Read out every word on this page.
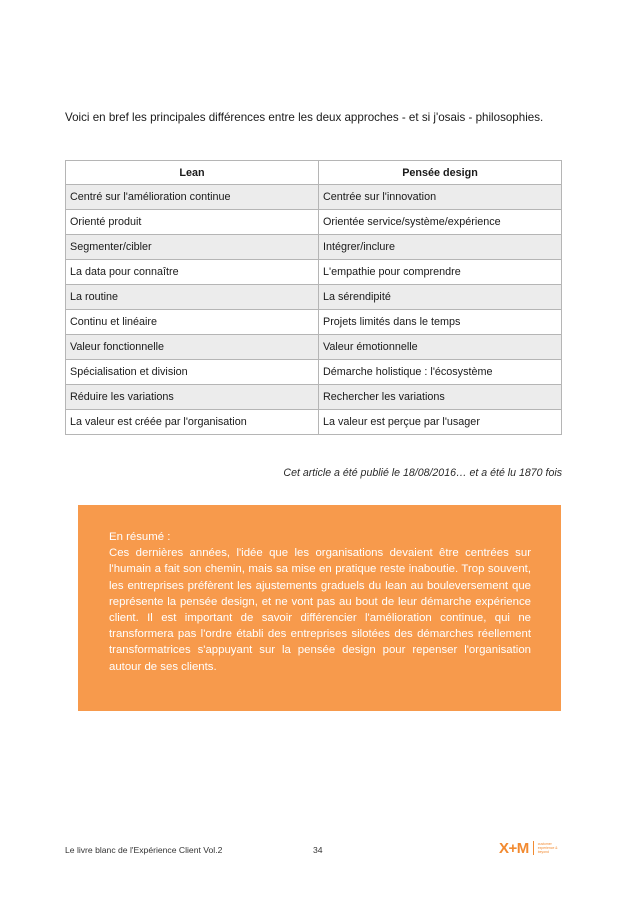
Voici en bref les principales différences entre les deux approches - et si j'osais - philosophies.

Lean	Pensée design
Centré sur l'amélioration continue	Centrée sur l'innovation
Orienté produit	Orientée service/système/expérience
Segmenter/cibler	Intégrer/inclure
La data pour connaître	L'empathie pour comprendre
La routine	La sérendipité
Continu et linéaire	Projets limités dans le temps
Valeur fonctionnelle	Valeur émotionnelle
Spécialisation et division	Démarche holistique : l'écosystème
Réduire les variations	Rechercher les variations
La valeur est créée par l'organisation	La valeur est perçue par l'usager
Cet article a été publié le 18/08/2016… et a été lu 1870 fois
En résumé :
Ces dernières années, l'idée que les organisations devaient être centrées sur l'humain a fait son chemin, mais sa mise en pratique reste inaboutie. Trop souvent, les entreprises préfèrent les ajustements graduels du lean au bouleversement que représente la pensée design, et ne vont pas au bout de leur démarche expérience client. Il est important de savoir différencier l'amélioration continue, qui ne transformera pas l'ordre établi des entreprises silotées des démarches réellement transformatrices s'appuyant sur la pensée design pour repenser l'organisation autour de ses clients.
Le livre blanc de l'Expérience Client Vol.2	34	X+M	customer experience & beyond
